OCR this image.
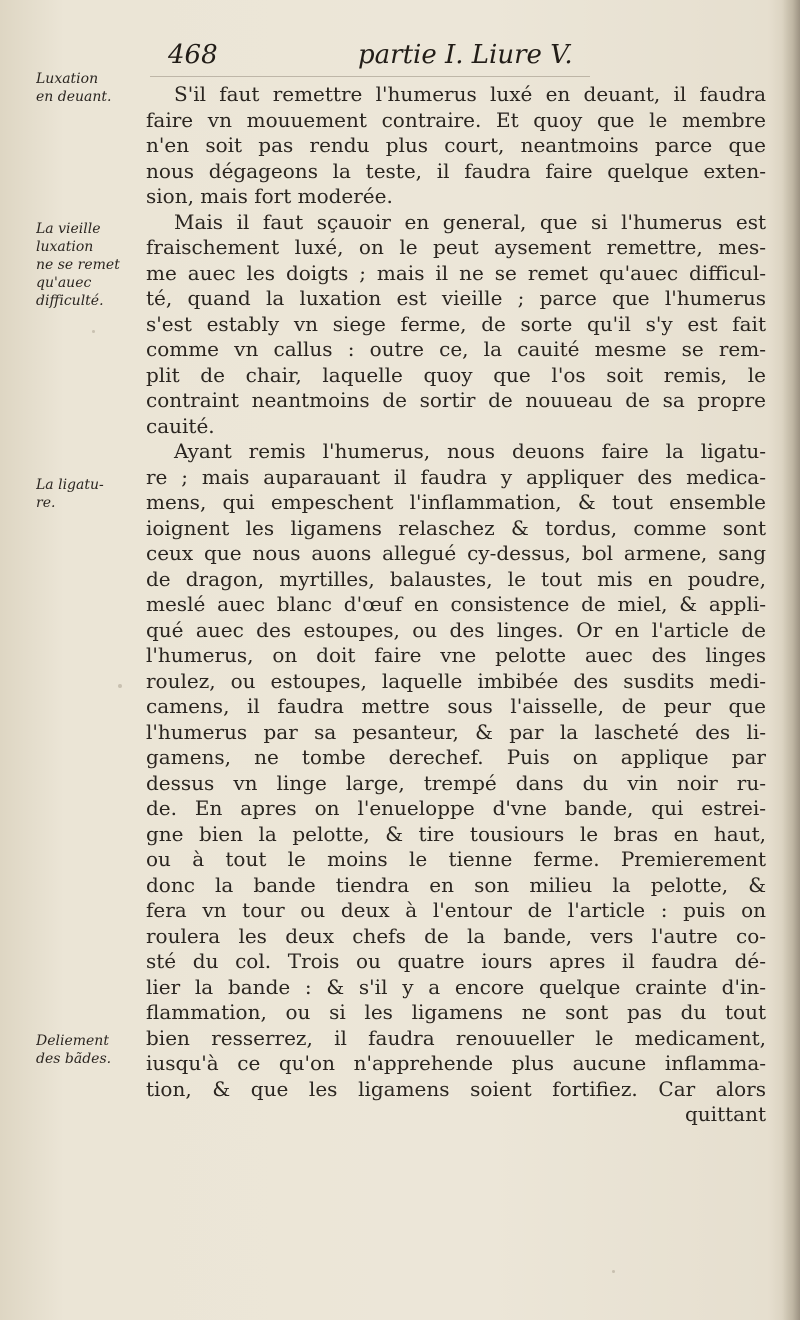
468	partie I. Liure V.
Luxation
en deuant.
La vieille
luxation
ne se remet
qu'auec
difficulté.
La ligatu-
re.
Deliement
des bãdes.
S'il faut remettre l'humerus luxé en deuant, il faudra
faire vn mouuement contraire. Et quoy que le membre
n'en soit pas rendu plus court, neantmoins parce que
nous dégageons la teste, il faudra faire quelque exten-
sion, mais fort moderée.
Mais il faut sçauoir en general, que si l'humerus est
fraischement luxé, on le peut aysement remettre, mes-
me auec les doigts ; mais il ne se remet qu'auec difficul-
té, quand la luxation est vieille ; parce que l'humerus
s'est estably vn siege ferme, de sorte qu'il s'y est fait
comme vn callus : outre ce, la cauité mesme se rem-
plit de chair, laquelle quoy que l'os soit remis, le
contraint neantmoins de sortir de nouueau de sa propre
cauité.
Ayant remis l'humerus, nous deuons faire la ligatu-
re ; mais auparauant il faudra y appliquer des medica-
mens, qui empeschent l'inflammation, & tout ensemble
ioignent les ligamens relaschez & tordus, comme sont
ceux que nous auons allegué cy-dessus, bol armene, sang
de dragon, myrtilles, balaustes, le tout mis en poudre,
meslé auec blanc d'œuf en consistence de miel, & appli-
qué auec des estoupes, ou des linges. Or en l'article de
l'humerus, on doit faire vne pelotte auec des linges
roulez, ou estoupes, laquelle imbibée des susdits medi-
camens, il faudra mettre sous l'aisselle, de peur que
l'humerus par sa pesanteur, & par la lascheté des li-
gamens, ne tombe derechef. Puis on applique par
dessus vn linge large, trempé dans du vin noir ru-
de. En apres on l'enueloppe d'vne bande, qui estrei-
gne bien la pelotte, & tire tousiours le bras en haut,
ou à tout le moins le tienne ferme. Premierement
donc la bande tiendra en son milieu la pelotte, &
fera vn tour ou deux à l'entour de l'article : puis on
roulera les deux chefs de la bande, vers l'autre co-
sté du col. Trois ou quatre iours apres il faudra dé-
lier la bande : & s'il y a encore quelque crainte d'in-
flammation, ou si les ligamens ne sont pas du tout
bien resserrez, il faudra renouueller le medicament,
iusqu'à ce qu'on n'apprehende plus aucune inflamma-
tion, & que les ligamens soient fortifiez. Car alors
quittant
